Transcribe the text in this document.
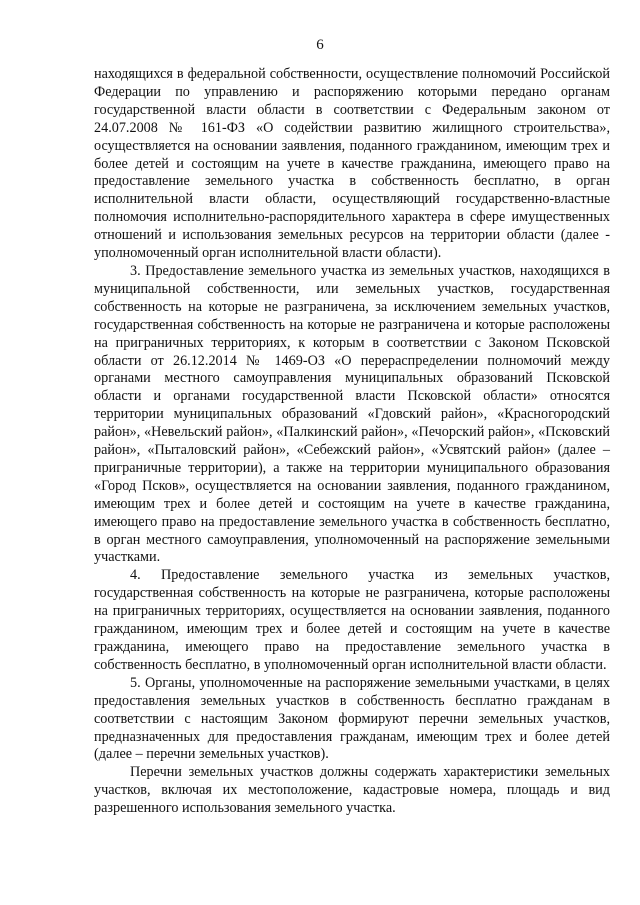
6

находящихся в федеральной собственности, осуществление полномочий Российской Федерации по управлению и распоряжению которыми передано органам государственной власти области в соответствии с Федеральным законом от 24.07.2008 № 161-ФЗ «О содействии развитию жилищного строительства», осуществляется на основании заявления, поданного гражданином, имеющим трех и более детей и состоящим на учете в качестве гражданина, имеющего право на предоставление земельного участка в собственность бесплатно, в орган исполнительной власти области, осуществляющий государственно-властные полномочия исполнительно-распорядительного характера в сфере имущественных отношений и использования земельных ресурсов на территории области (далее - уполномоченный орган исполнительной власти области).

3. Предоставление земельного участка из земельных участков, находящихся в муниципальной собственности, или земельных участков, государственная собственность на которые не разграничена, за исключением земельных участков, государственная собственность на которые не разграничена и которые расположены на приграничных территориях, к которым в соответствии с Законом Псковской области от 26.12.2014 № 1469-ОЗ «О перераспределении полномочий между органами местного самоуправления муниципальных образований Псковской области и органами государственной власти Псковской области» относятся территории муниципальных образований «Гдовский район», «Красногородский район», «Невельский район», «Палкинский район», «Печорский район», «Псковский район», «Пыталовский район», «Себежский район», «Усвятский район» (далее – приграничные территории), а также на территории муниципального образования «Город Псков», осуществляется на основании заявления, поданного гражданином, имеющим трех и более детей и состоящим на учете в качестве гражданина, имеющего право на предоставление земельного участка в собственность бесплатно, в орган местного самоуправления, уполномоченный на распоряжение земельными участками.

4. Предоставление земельного участка из земельных участков, государственная собственность на которые не разграничена, которые расположены на приграничных территориях, осуществляется на основании заявления, поданного гражданином, имеющим трех и более детей и состоящим на учете в качестве гражданина, имеющего право на предоставление земельного участка в собственность бесплатно, в уполномоченный орган исполнительной власти области.

5. Органы, уполномоченные на распоряжение земельными участками, в целях предоставления земельных участков в собственность бесплатно гражданам в соответствии с настоящим Законом формируют перечни земельных участков, предназначенных для предоставления гражданам, имеющим трех и более детей (далее – перечни земельных участков).

Перечни земельных участков должны содержать характеристики земельных участков, включая их местоположение, кадастровые номера, площадь и вид разрешенного использования земельного участка.
